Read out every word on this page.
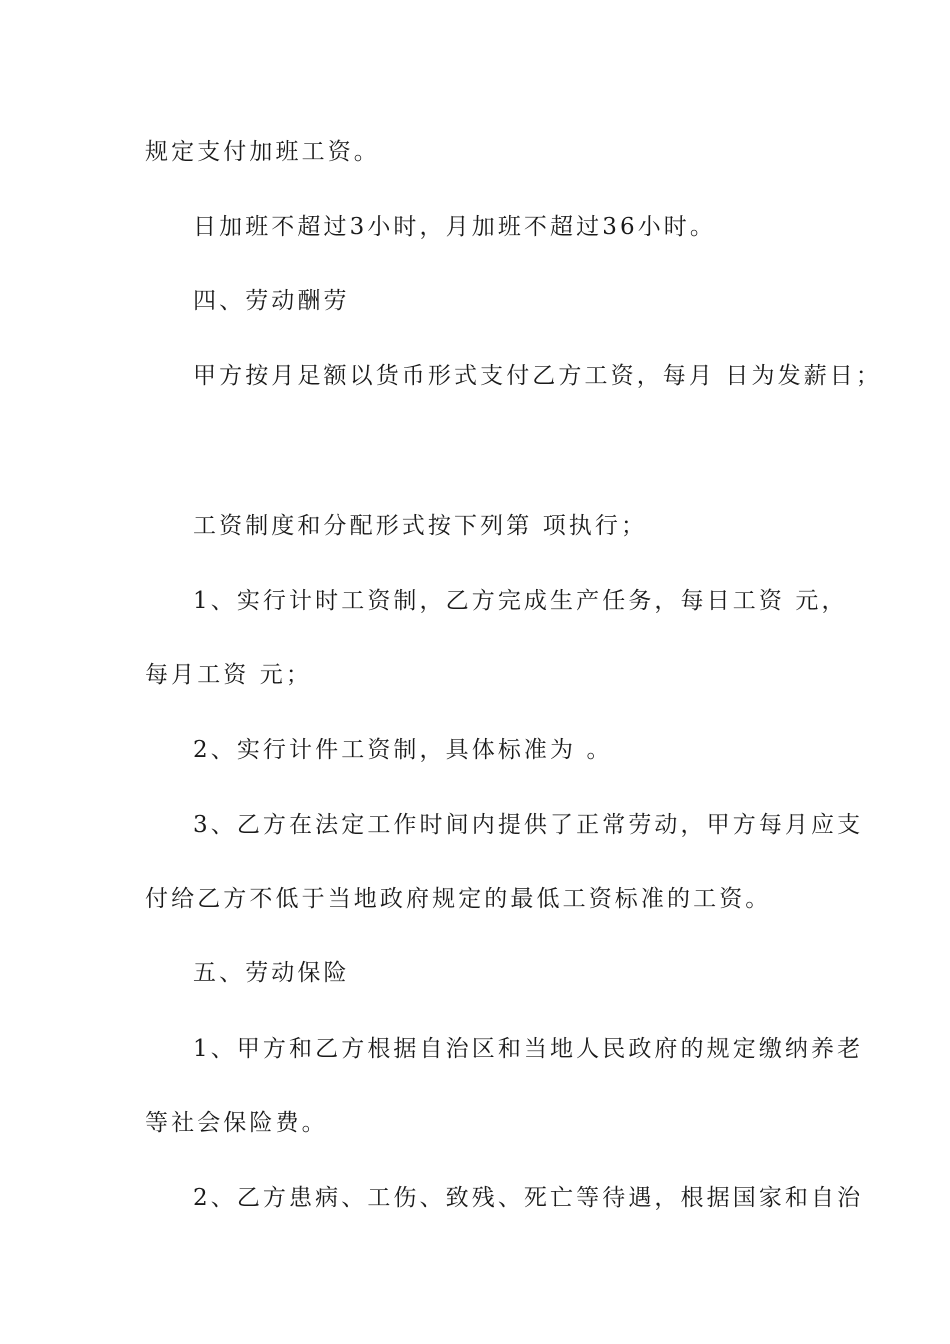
规定支付加班工资。
日加班不超过3小时，月加班不超过36小时。
四、劳动酬劳
甲方按月足额以货币形式支付乙方工资，每月 日为发薪日；
工资制度和分配形式按下列第 项执行；
1、实行计时工资制，乙方完成生产任务，每日工资 元，
每月工资 元；
2、实行计件工资制，具体标准为 。
3、乙方在法定工作时间内提供了正常劳动，甲方每月应支
付给乙方不低于当地政府规定的最低工资标准的工资。
五、劳动保险
1、甲方和乙方根据自治区和当地人民政府的规定缴纳养老
等社会保险费。
2、乙方患病、工伤、致残、死亡等待遇，根据国家和自治
